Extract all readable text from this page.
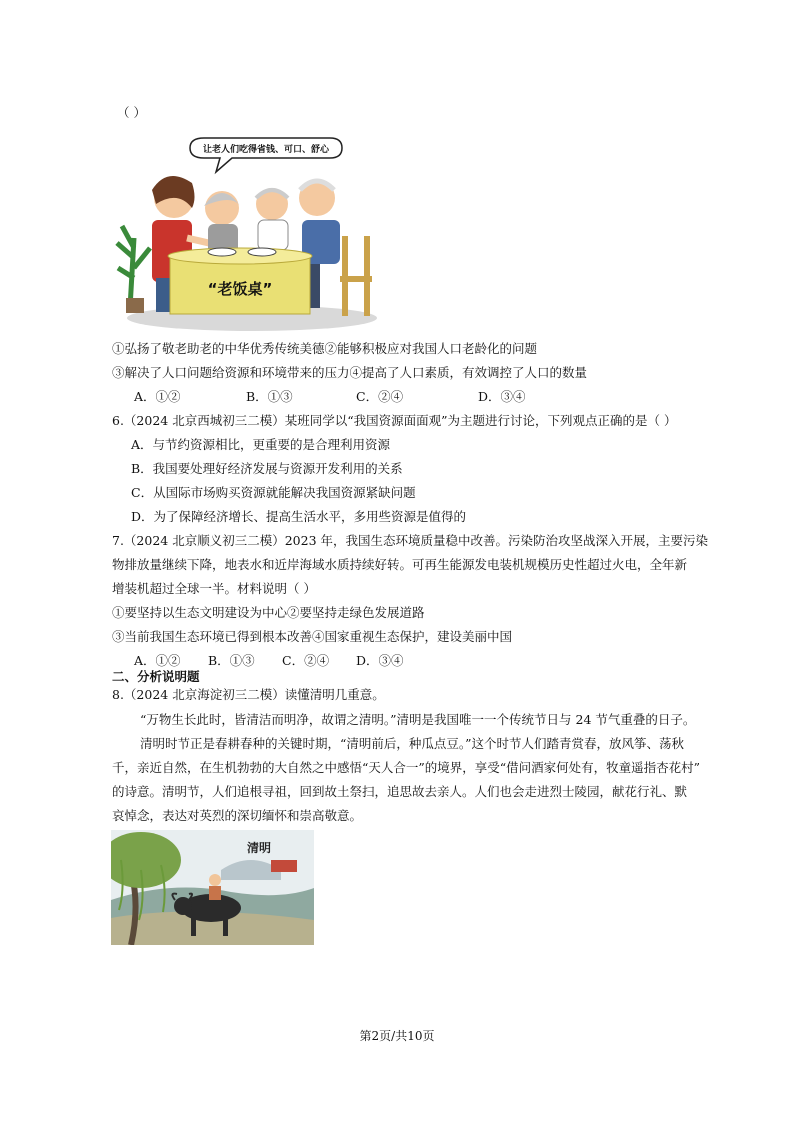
（ ）
让老人们吃得省钱、可口、舒心
“老饭桌”
①弘扬了敬老助老的中华优秀传统美德②能够积极应对我国人口老龄化的问题
③解决了人口问题给资源和环境带来的压力④提高了人口素质，有效调控了人口的数量
A．①②	B．①③	C．②④	D．③④
6.（2024 北京西城初三二模）某班同学以“我国资源面面观”为主题进行讨论，下列观点正确的是（ ）
A．与节约资源相比，更重要的是合理利用资源
B．我国要处理好经济发展与资源开发利用的关系
C．从国际市场购买资源就能解决我国资源紧缺问题
D．为了保障经济增长、提高生活水平，多用些资源是值得的
7.（2024 北京顺义初三二模）2023 年，我国生态环境质量稳中改善。污染防治攻坚战深入开展，主要污染
物排放量继续下降，地表水和近岸海域水质持续好转。可再生能源发电装机规模历史性超过火电，全年新
增装机超过全球一半。材料说明（ ）
①要坚持以生态文明建设为中心②要坚持走绿色发展道路
③当前我国生态环境已得到根本改善④国家重视生态保护，建设美丽中国
A．①② B．①③ C．②④ D．③④
二、分析说明题
8.（2024 北京海淀初三二模）读懂清明几重意。
“万物生长此时，皆清洁而明净，故谓之清明。”清明是我国唯一一个传统节日与 24 节气重叠的日子。
清明时节正是春耕春种的关键时期，“清明前后，种瓜点豆。”这个时节人们踏青赏春，放风筝、荡秋
千，亲近自然，在生机勃勃的大自然之中感悟“天人合一”的境界，享受“借问酒家何处有，牧童遥指杏花村”
的诗意。清明节，人们追根寻祖，回到故土祭扫，追思故去亲人。人们也会走进烈士陵园，献花行礼、默
哀悼念，表达对英烈的深切缅怀和崇高敬意。
清明
第2页/共10页
